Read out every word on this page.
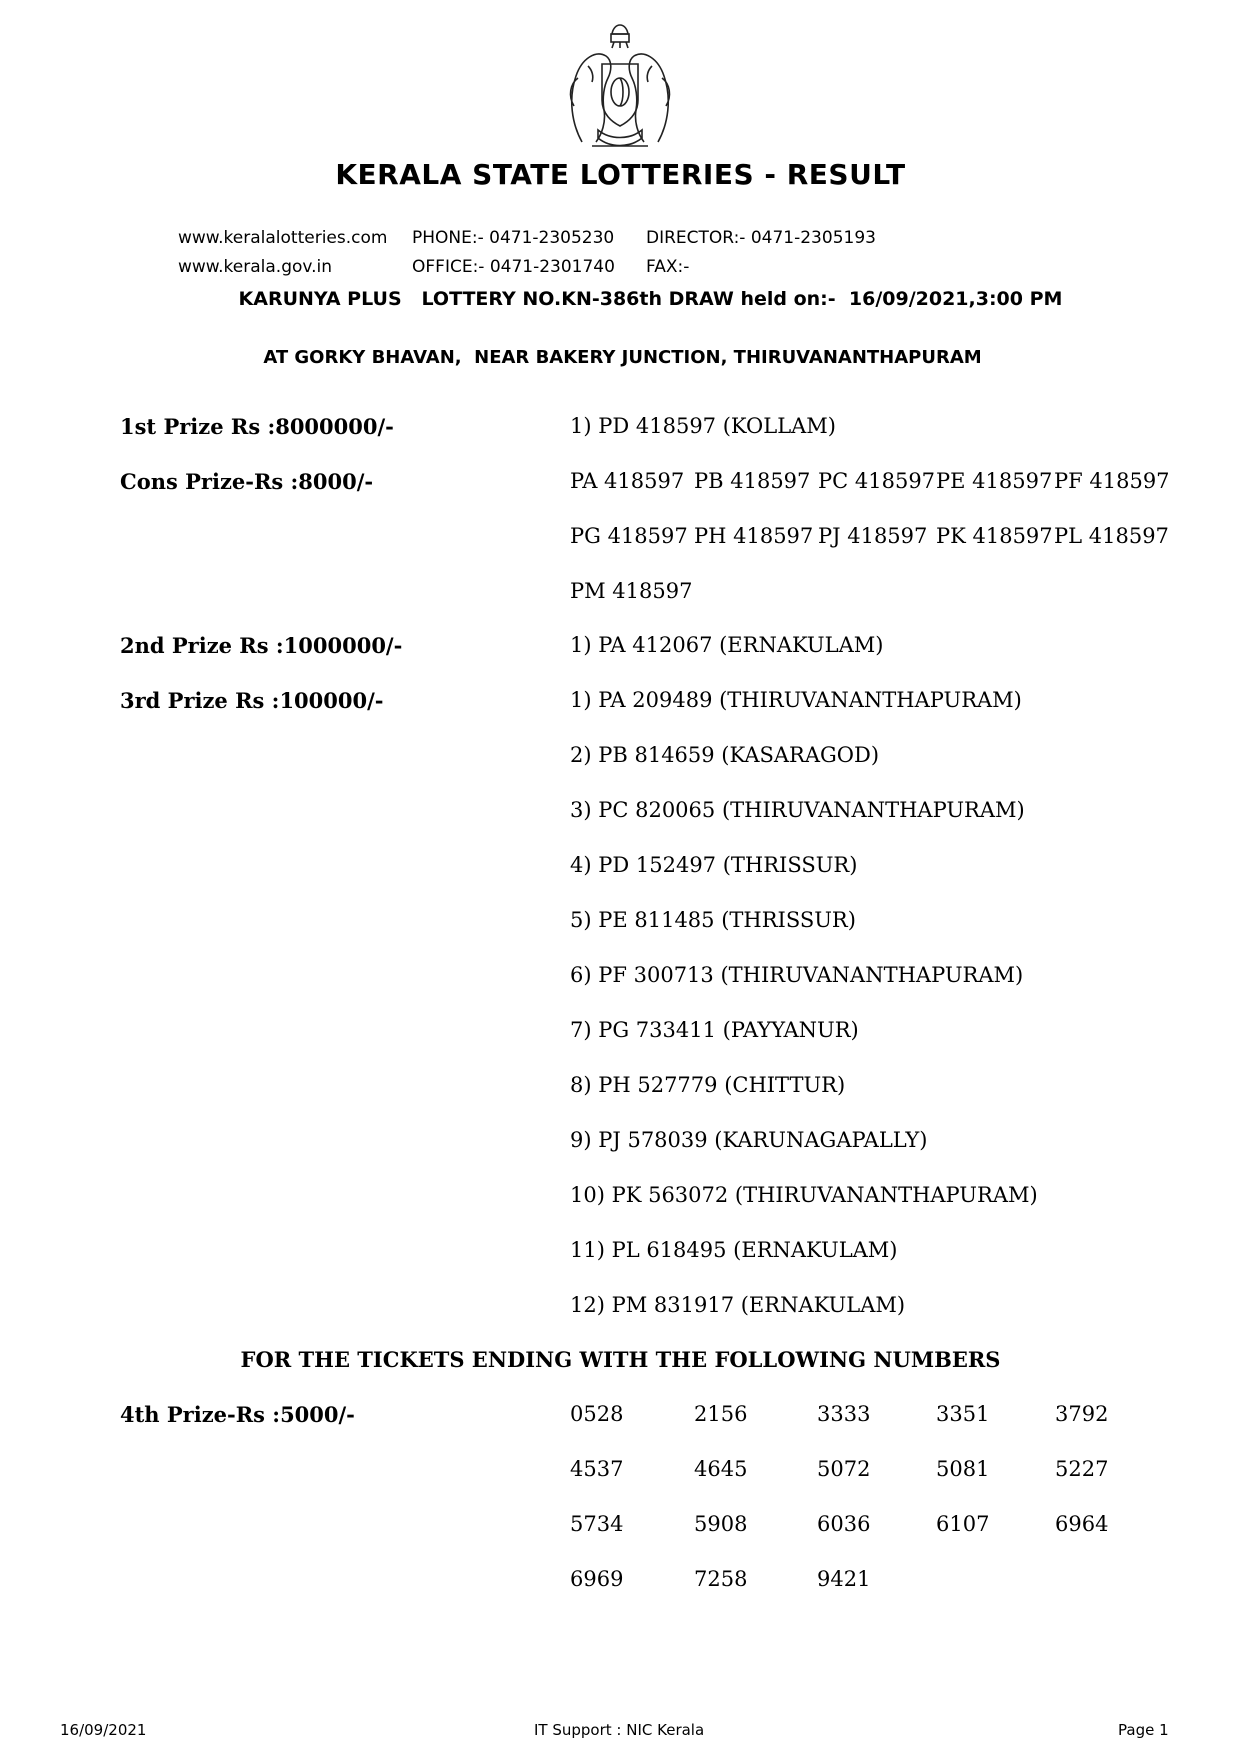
KERALA STATE LOTTERIES - RESULT
www.keralalotteries.com PHONE:- 0471-2305230 DIRECTOR:- 0471-2305193
www.kerala.gov.in	OFFICE:- 0471-2301740 FAX:-
KARUNYA PLUS   LOTTERY NO.KN-386th DRAW held on:-  16/09/2021,3:00 PM
AT GORKY BHAVAN,  NEAR BAKERY JUNCTION, THIRUVANANTHAPURAM
1st Prize Rs :8000000/-	1) PD 418597 (KOLLAM)
Cons Prize-Rs :8000/-	PA 418597 PB 418597 PC 418597 PE 418597 PF 418597
PG 418597 PH 418597 PJ 418597 PK 418597 PL 418597
PM 418597
2nd Prize Rs :1000000/-	1) PA 412067 (ERNAKULAM)
3rd Prize Rs :100000/-	1) PA 209489 (THIRUVANANTHAPURAM)
2) PB 814659 (KASARAGOD)
3) PC 820065 (THIRUVANANTHAPURAM)
4) PD 152497 (THRISSUR)
5) PE 811485 (THRISSUR)
6) PF 300713 (THIRUVANANTHAPURAM)
7) PG 733411 (PAYYANUR)
8) PH 527779 (CHITTUR)
9) PJ 578039 (KARUNAGAPALLY)
10) PK 563072 (THIRUVANANTHAPURAM)
11) PL 618495 (ERNAKULAM)
12) PM 831917 (ERNAKULAM)
FOR THE TICKETS ENDING WITH THE FOLLOWING NUMBERS
4th Prize-Rs :5000/-	0528	2156	3333	3351	3792
4537	4645	5072	5081	5227
5734	5908	6036	6107	6964
6969	7258	9421
16/09/2021	IT Support : NIC Kerala	Page 1
